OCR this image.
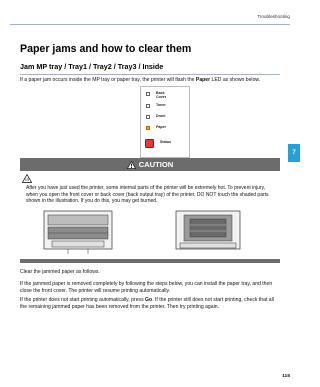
Troubleshooting
7
Paper jams and how to clear them
Jam MP tray / Tray1 / Tray2 / Tray3 / Inside
If a paper jam occurs inside the MP tray or paper tray, the printer will flash the Paper LED as shown below.
Back
Cover
Toner
Drum
Paper
Status
CAUTION
After you have just used the printer, some internal parts of the printer will be extremely hot. To prevent injury, when you open the front cover or back cover (back output tray) of the printer, DO NOT touch the shaded parts shown in the illustration. If you do this, you may get burned.
Clear the jammed paper as follows.
If the jammed paper is removed completely by following the steps below, you can install the paper tray, and then close the front cover. The printer will resume printing automatically.
If the printer does not start printing automatically, press Go. If the printer still does not start printing, check that all the remaining jammed paper has been removed from the printer. Then try printing again.
115
